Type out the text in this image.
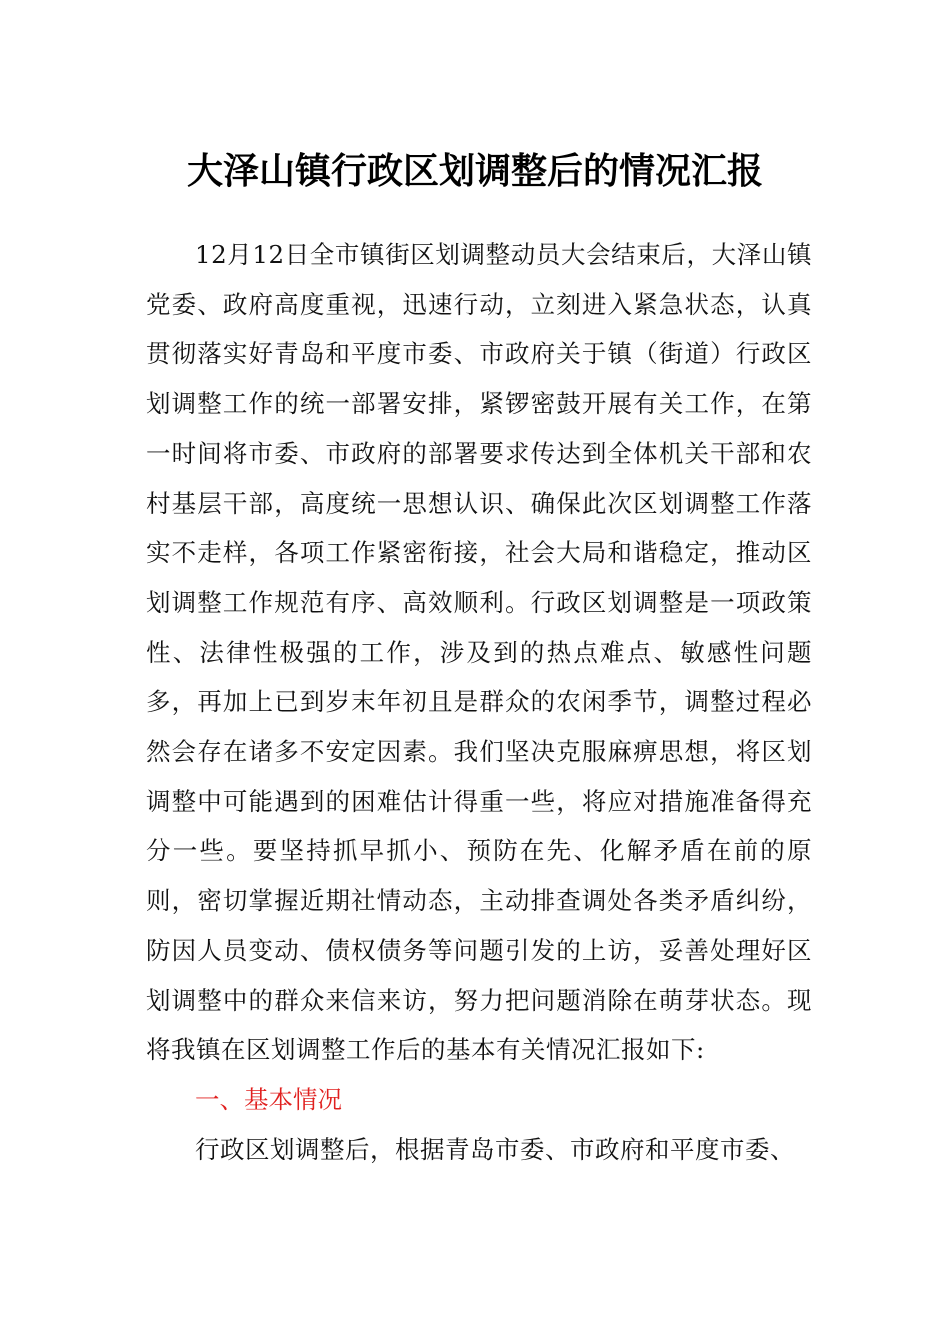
大泽山镇行政区划调整后的情况汇报

12月12日全市镇街区划调整动员大会结束后，大泽山镇党委、政府高度重视，迅速行动，立刻进入紧急状态，认真贯彻落实好青岛和平度市委、市政府关于镇（街道）行政区划调整工作的统一部署安排，紧锣密鼓开展有关工作，在第一时间将市委、市政府的部署要求传达到全体机关干部和农村基层干部，高度统一思想认识、确保此次区划调整工作落实不走样，各项工作紧密衔接，社会大局和谐稳定，推动区划调整工作规范有序、高效顺利。行政区划调整是一项政策性、法律性极强的工作，涉及到的热点难点、敏感性问题多，再加上已到岁末年初且是群众的农闲季节，调整过程必然会存在诸多不安定因素。我们坚决克服麻痹思想，将区划调整中可能遇到的困难估计得重一些，将应对措施准备得充分一些。要坚持抓早抓小、预防在先、化解矛盾在前的原则，密切掌握近期社情动态，主动排查调处各类矛盾纠纷，防因人员变动、债权债务等问题引发的上访，妥善处理好区划调整中的群众来信来访，努力把问题消除在萌芽状态。现将我镇在区划调整工作后的基本有关情况汇报如下:

一、基本情况

行政区划调整后，根据青岛市委、市政府和平度市委、
